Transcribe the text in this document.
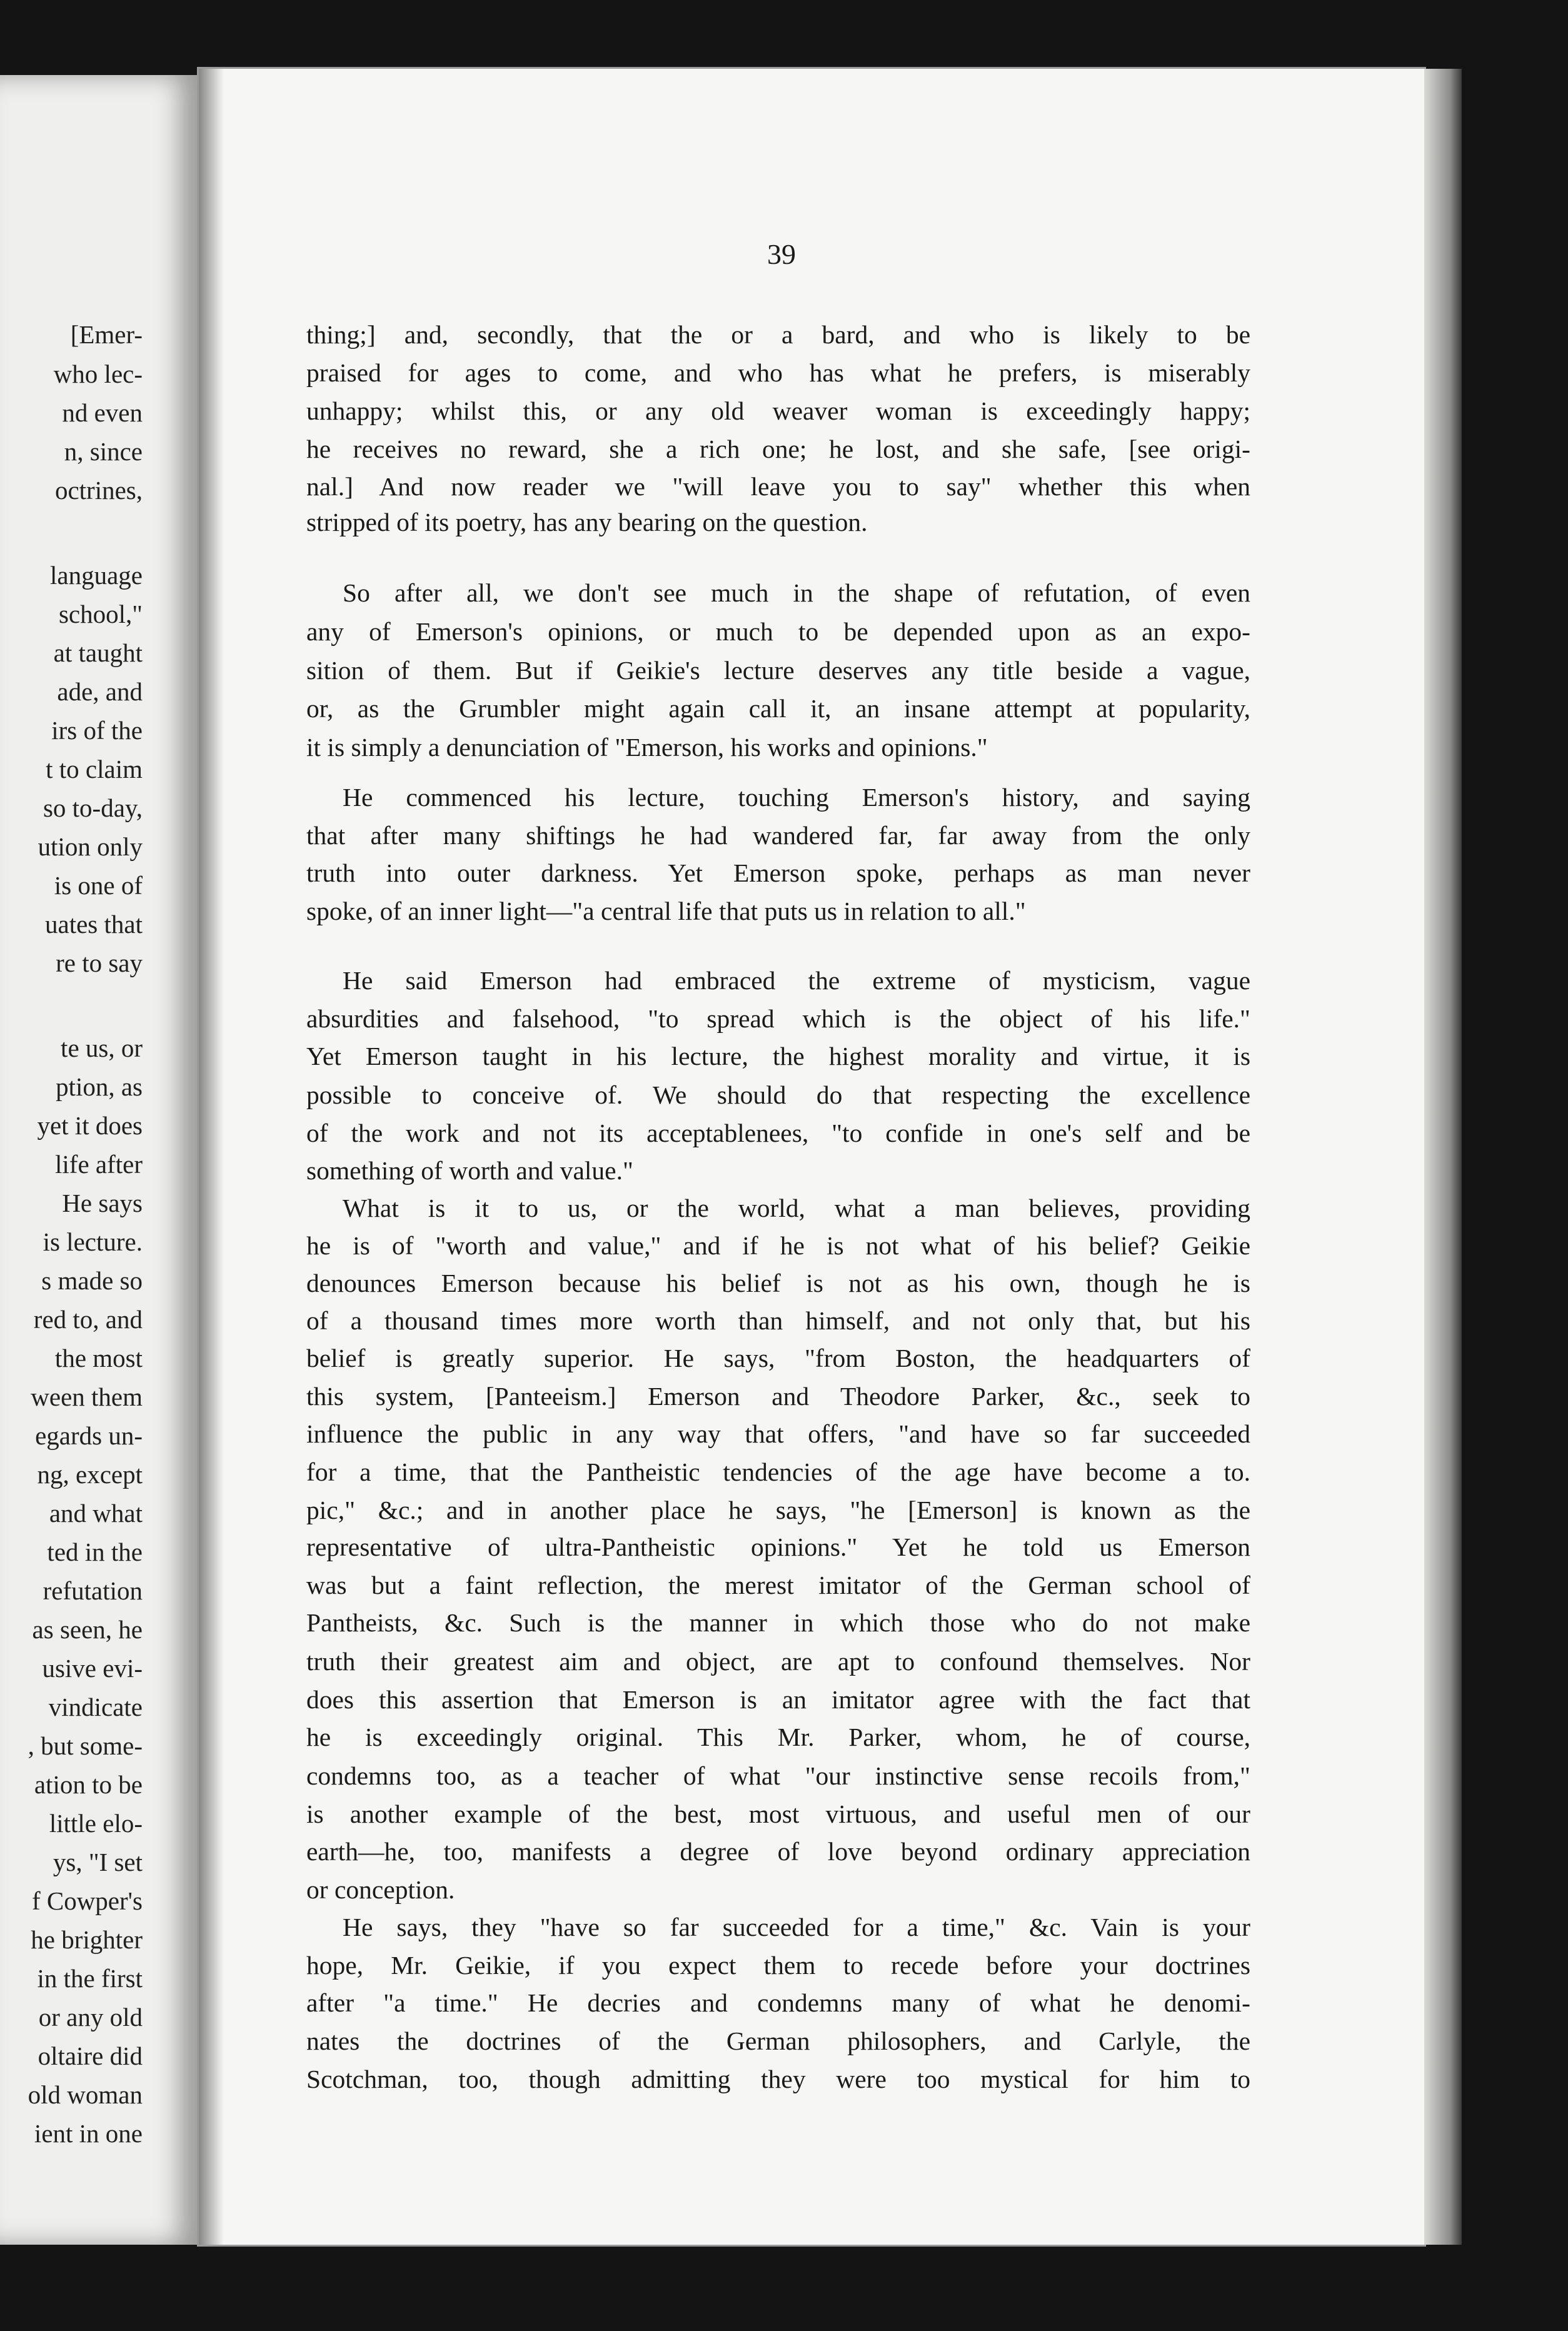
[Emer-
who lec-
nd even
n, since
octrines,
language
school,"
at taught
ade, and
irs of the
t to claim
so to-day,
ution only
is one of
uates that
re to say
te us, or
ption, as
yet it does
life after
He says
is lecture.
s made so
red to, and
the most
ween them
egards un-
ng, except
and what
ted in the
refutation
as seen, he
usive evi-
vindicate
, but some-
ation to be
little elo-
ys, "I set
f Cowper's
he brighter
in the first
or any old
oltaire did
old woman
ient in one
39
thing;] and, secondly, that the or a bard, and who is likely to be
praised for ages to come, and who has what he prefers, is miserably
unhappy; whilst this, or any old weaver woman is exceedingly happy;
he receives no reward, she a rich one; he lost, and she safe, [see origi-
nal.] And now reader we "will leave you to say" whether this when
stripped of its poetry, has any bearing on the question.
So after all, we don't see much in the shape of refutation, of even
any of Emerson's opinions, or much to be depended upon as an expo-
sition of them. But if Geikie's lecture deserves any title beside a vague,
or, as the Grumbler might again call it, an insane attempt at popularity,
it is simply a denunciation of "Emerson, his works and opinions."
He commenced his lecture, touching Emerson's history, and saying
that after many shiftings he had wandered far, far away from the only
truth into outer darkness. Yet Emerson spoke, perhaps as man never
spoke, of an inner light—"a central life that puts us in relation to all."
He said Emerson had embraced the extreme of mysticism, vague
absurdities and falsehood, "to spread which is the object of his life."
Yet Emerson taught in his lecture, the highest morality and virtue, it is
possible to conceive of. We should do that respecting the excellence
of the work and not its acceptablenees, "to confide in one's self and be
something of worth and value."
What is it to us, or the world, what a man believes, providing
he is of "worth and value," and if he is not what of his belief? Geikie
denounces Emerson because his belief is not as his own, though he is
of a thousand times more worth than himself, and not only that, but his
belief is greatly superior. He says, "from Boston, the headquarters of
this system, [Panteeism.] Emerson and Theodore Parker, &c., seek to
influence the public in any way that offers, "and have so far succeeded
for a time, that the Pantheistic tendencies of the age have become a to.
pic," &c.; and in another place he says, "he [Emerson] is known as the
representative of ultra-Pantheistic opinions." Yet he told us Emerson
was but a faint reflection, the merest imitator of the German school of
Pantheists, &c. Such is the manner in which those who do not make
truth their greatest aim and object, are apt to confound themselves. Nor
does this assertion that Emerson is an imitator agree with the fact that
he is exceedingly original. This Mr. Parker, whom, he of course,
condemns too, as a teacher of what "our instinctive sense recoils from,"
is another example of the best, most virtuous, and useful men of our
earth—he, too, manifests a degree of love beyond ordinary appreciation
or conception.
He says, they "have so far succeeded for a time," &c. Vain is your
hope, Mr. Geikie, if you expect them to recede before your doctrines
after "a time." He decries and condemns many of what he denomi-
nates the doctrines of the German philosophers, and Carlyle, the
Scotchman, too, though admitting they were too mystical for him to
